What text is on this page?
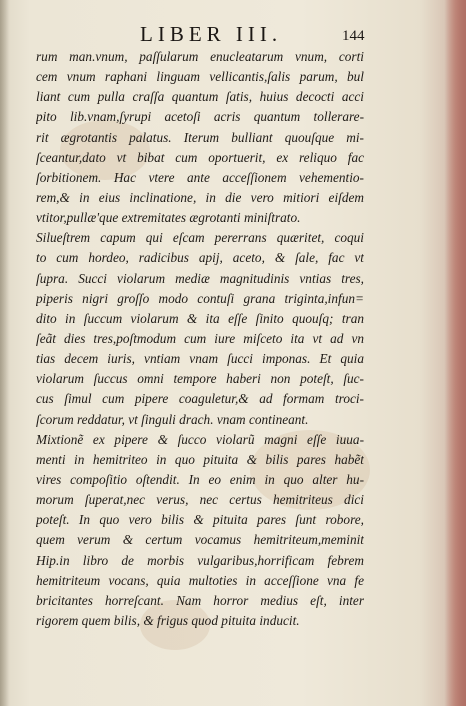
LIBER III.	144
rum man.vnum, paſſularum enucleatarum vnum, corti
cem vnum raphani linguam vellicantis,ſalis parum, bul
liant cum pulla craſſa quantum ſatis, huius decocti acci
pito lib.vnam,ſyrupi acetoſi acris quantum tollerare-
rit ægrotantis palatus. Iterum bulliant quouſque mi-
ſceantur,dato vt bibat cum oportuerit, ex reliquo fac
ſorbitionem. Hac vtere ante acceſſionem vehementio-
rem,& in eius inclinatione, in die vero mitiori eiſdem
vtitor,pullæ'que extremitates ægrotanti miniſtrato.
Silueſtrem capum qui eſcam pererrans quæritet, coqui
to cum hordeo, radicibus apij, aceto, & ſale, fac vt
ſupra. Succi violarum mediæ magnitudinis vntias tres,
piperis nigri groſſo modo contuſi grana triginta,infun=
dito in ſuccum violarum & ita eſſe ſinito quouſq; tran
ſeãt dies tres,poſtmodum cum iure miſceto ita vt ad vn
tias decem iuris, vntiam vnam ſucci imponas. Et quia
violarum ſuccus omni tempore haberi non poteſt, ſuc-
cus ſimul cum pipere coaguletur,& ad formam troci-
ſcorum reddatur, vt ſinguli drach. vnam contineant.
Mixtionẽ ex pipere & ſucco violarũ magni eſſe iuua-
menti in hemitriteo in quo pituita & bilis pares habẽt
vires compoſitio oſtendit. In eo enim in quo alter hu-
morum ſuperat,nec verus, nec certus hemitriteus dici
poteſt. In quo vero bilis & pituita pares ſunt robore,
quem verum & certum vocamus hemitriteum,meminit
Hip.in libro de morbis vulgaribus,horrificam febrem
hemitriteum vocans, quia multoties in acceſſione vna fe
bricitantes horreſcant. Nam horror medius eſt, inter
rigorem quem bilis, & frigus quod pituita inducit.
